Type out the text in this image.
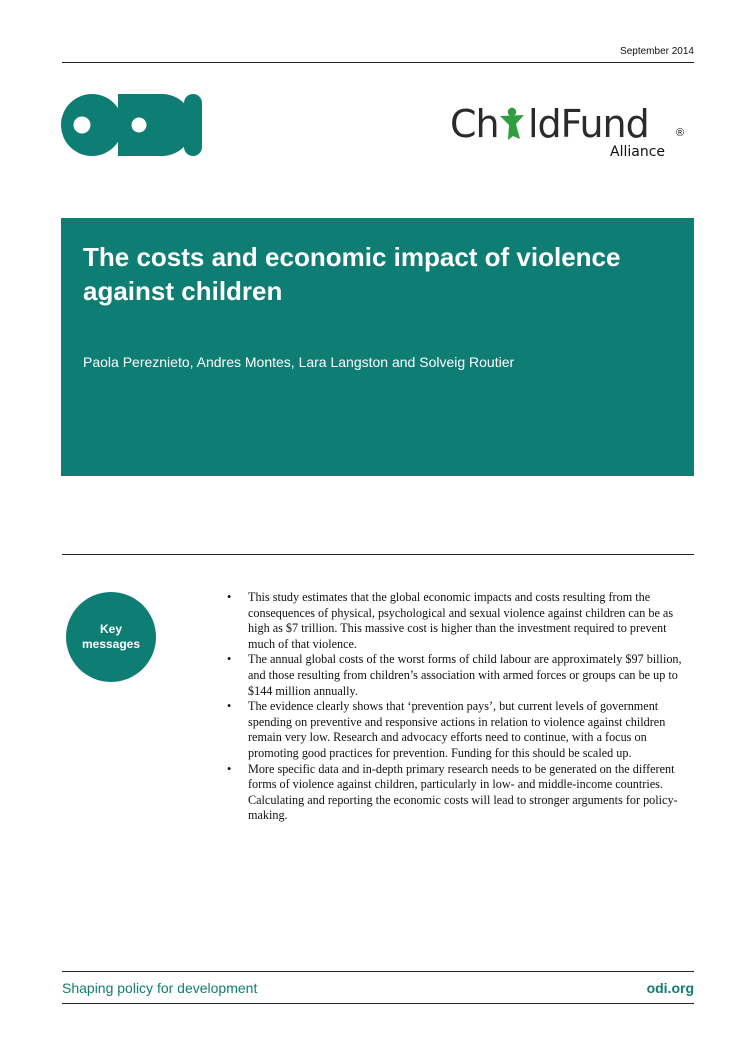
September 2014
Ch ldFund ®
Alliance
The costs and economic impact of violence against children
Paola Pereznieto, Andres Montes, Lara Langston and Solveig Routier
Key
messages
• This study estimates that the global economic impacts and costs resulting from the consequences of physical, psychological and sexual violence against children can be as high as $7 trillion. This massive cost is higher than the investment required to prevent much of that violence.
• The annual global costs of the worst forms of child labour are approximately $97 billion, and those resulting from children’s association with armed forces or groups can be up to $144 million annually.
• The evidence clearly shows that ‘prevention pays’, but current levels of government spending on preventive and responsive actions in relation to violence against children remain very low. Research and advocacy efforts need to continue, with a focus on promoting good practices for prevention. Funding for this should be scaled up.
• More specific data and in-depth primary research needs to be generated on the different forms of violence against children, particularly in low- and middle-income countries. Calculating and reporting the economic costs will lead to stronger arguments for policy-making.
Shaping policy for development	odi.org
